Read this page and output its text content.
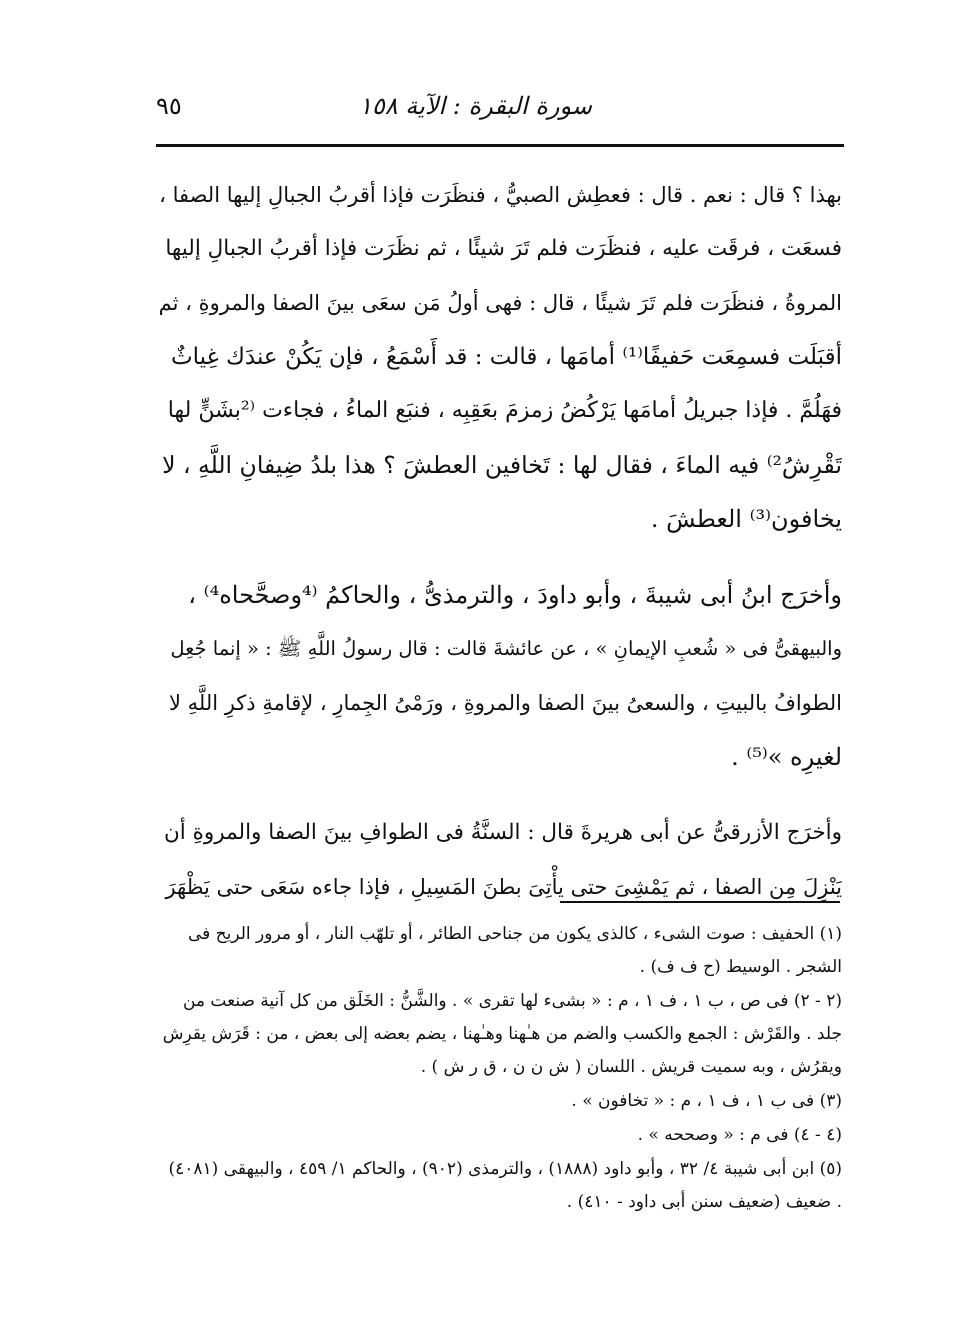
سورة البقرة : الآية ١٥٨
٩٥

بهذا ؟ قال : نعم . قال : فعطِش الصبيُّ ، فنظَرَت فإذا أقربُ الجبالِ إليها الصفا ،
فسعَت ، فرقَت عليه ، فنظَرَت فلم تَرَ شيئًا ، ثم نظَرَت فإذا أقربُ الجبالِ إليها
المروةُ ، فنظَرَت فلم تَرَ شيئًا ، قال : فهى أولُ مَن سعَى بينَ الصفا والمروةِ ، ثم
أقبَلَت فسمِعَت حَفيفًا⁽¹⁾ أمامَها ، قالت : قد أَسْمَعُ ، فإن يَكُنْ عندَك غِياثٌ
فهَلُمَّ . فإذا جبريلُ أمامَها يَرْكُضُ زمزمَ بعَقِبِه ، فنبَع الماءُ ، فجاءت ⁽²بشَنٍّ لها
تَقْرِشُ²⁾ فيه الماءَ ، فقال لها : تَخافين العطشَ ؟ هذا بلدُ ضِيفانِ اللَّهِ ، لا
يخافون⁽³⁾ العطشَ .

وأخرَج ابنُ أبى شيبةَ ، وأبو داودَ ، والترمذىُّ ، والحاكمُ ⁽⁴وصحَّحاه⁴⁾ ،
والبيهقىُّ فى « شُعبِ الإيمانِ » ، عن عائشةَ قالت : قال رسولُ اللَّهِ ﷺ : « إنما جُعِل
الطوافُ بالبيتِ ، والسعىُ بينَ الصفا والمروةِ ، ورَمْىُ الجِمارِ ، لإقامةِ ذكرِ اللَّهِ لا
لغيرِه »⁽⁵⁾ .

وأخرَج الأزرقىُّ عن أبى هريرةَ قال : السنَّةُ فى الطوافِ بينَ الصفا والمروةِ أن
يَنْزِلَ مِن الصفا ، ثم يَمْشِىَ حتى يأْتِىَ بطنَ المَسِيلِ ، فإذا جاءه سَعَى حتى يَظْهَرَ

(١) الحفيف : صوت الشىء ، كالذى يكون من جناحى الطائر ، أو تلهّب النار ، أو مرور الريح فى الشجر . الوسيط (ح ف ف) .

(٢ - ٢) فى ص ، ب ١ ، ف ١ ، م : « بشىء لها تقرى » . والشَّنُّ : الخَلَق من كل آنية صنعت من جلد . والقَرْش : الجمع والكسب والضم من هـٰهنا وهـٰهنا ، يضم بعضه إلى بعض ، من : قَرَش يقرِش ويقرُش ، وبه سميت قريش . اللسان ( ش ن ن ، ق ر ش ) .

(٣) فى ب ١ ، ف ١ ، م : « تخافون » .

(٤ - ٤) فى م : « وصححه » .

(٥) ابن أبى شيبة ٤/ ٣٢ ، وأبو داود (١٨٨٨) ، والترمذى (٩٠٢) ، والحاكم ١/ ٤٥٩ ، والبيهقى (٤٠٨١) . ضعيف (ضعيف سنن أبى داود - ٤١٠) .
